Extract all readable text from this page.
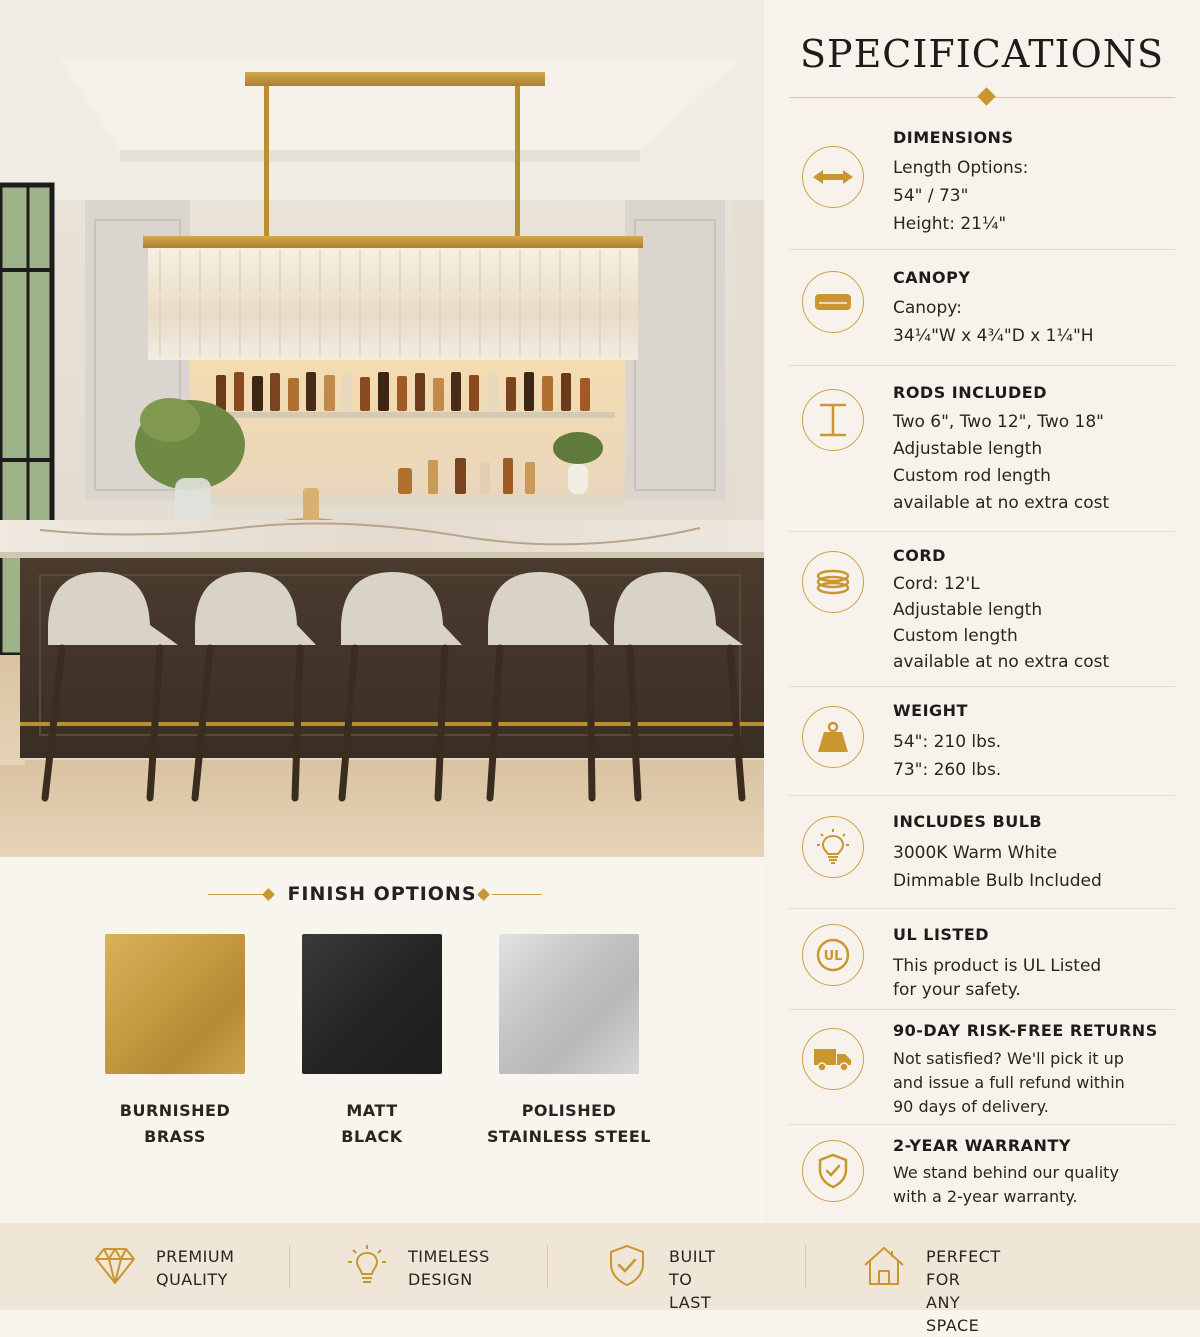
FINISH OPTIONS
BURNISHED
BRASS
MATT
BLACK
POLISHED
STAINLESS STEEL
SPECIFICATIONS
DIMENSIONS
Length Options:
54" / 73"
Height: 21¼"
CANOPY
Canopy:
34¼"W x 4¾"D x 1¼"H
RODS INCLUDED
Two 6", Two 12", Two 18"
Adjustable length
Custom rod length
available at no extra cost
CORD
Cord: 12'L
Adjustable length
Custom length
available at no extra cost
WEIGHT
54": 210 lbs.
73": 260 lbs.
INCLUDES BULB
3000K Warm White
Dimmable Bulb Included
UL
UL LISTED
This product is UL Listed
for your safety.
90-DAY RISK-FREE RETURNS
Not satisfied? We'll pick it up
and issue a full refund within
90 days of delivery.
2-YEAR WARRANTY
We stand behind our quality
with a 2-year warranty.
PREMIUM
QUALITY
TIMELESS
DESIGN
BUILT TO
LAST
PERFECT FOR
ANY SPACE
